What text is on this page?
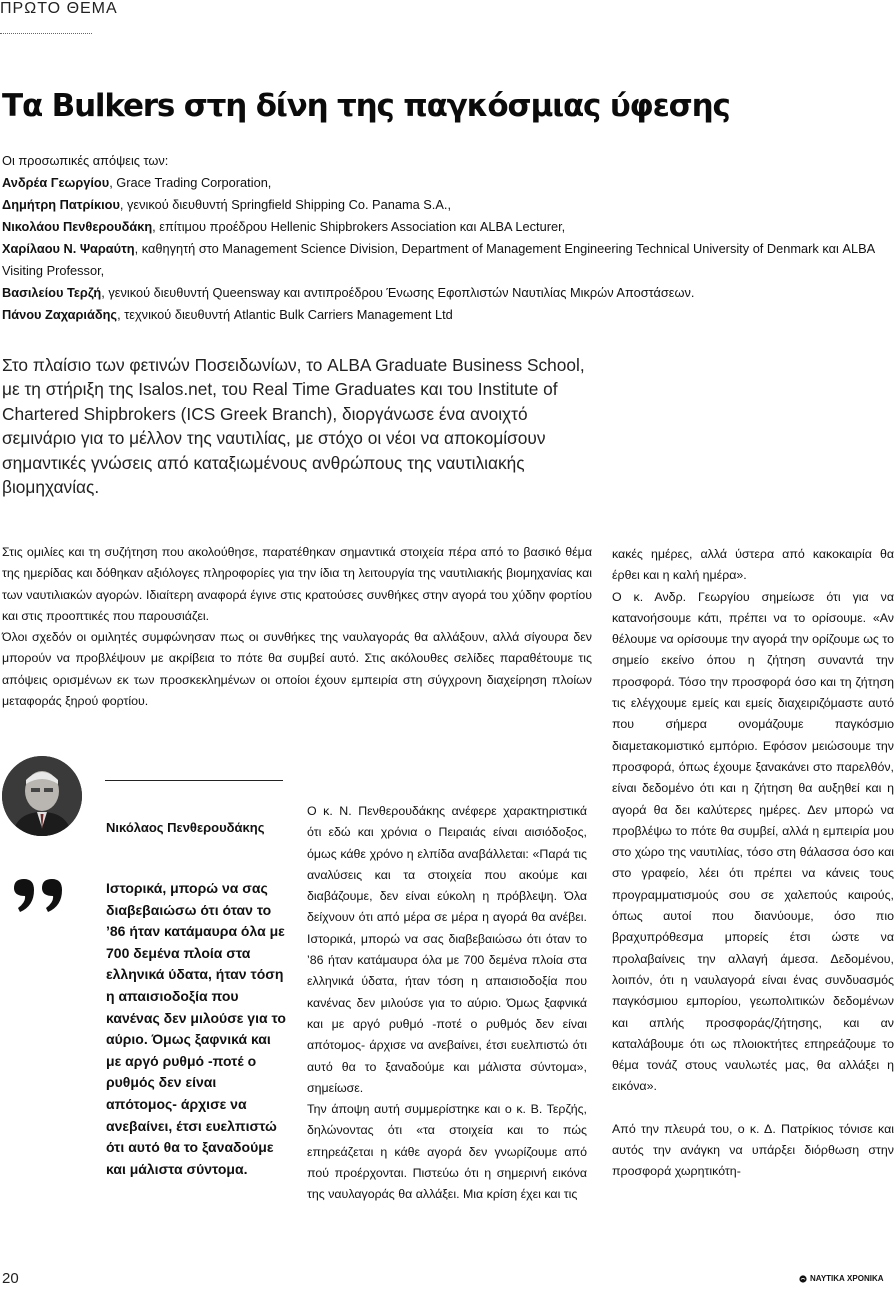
ΠΡΩΤΟ ΘΕΜΑ
Τα Bulkers στη δίνη της παγκόσμιας ύφεσης
Οι προσωπικές απόψεις των:
Ανδρέα Γεωργίου, Grace Trading Corporation,
Δημήτρη Πατρίκιου, γενικού διευθυντή Springfield Shipping Co. Panama S.A.,
Νικολάου Πενθερουδάκη, επίτιμου προέδρου Hellenic Shipbrokers Association και ALBA Lecturer,
Χαρίλαου Ν. Ψαραύτη, καθηγητή στο Management Science Division, Department of Management Engineering Technical University of Denmark και ALBA Visiting Professor,
Βασιλείου Τερζή, γενικού διευθυντή Queensway και αντιπροέδρου Ένωσης Εφοπλιστών Ναυτιλίας Μικρών Αποστάσεων.
Πάνου Ζαχαριάδης, τεχνικού διευθυντή Atlantic Bulk Carriers Management Ltd
Στο πλαίσιο των φετινών Ποσειδωνίων, το ALBA Graduate Business School, με τη στήριξη της Isalos.net, του Real Time Graduates και του Institute of Chartered Shipbrokers (ICS Greek Branch), διοργάνωσε ένα ανοιχτό σεμινάριο για το μέλλον της ναυτιλίας, με στόχο οι νέοι να αποκομίσουν σημαντικές γνώσεις από καταξιωμένους ανθρώπους της ναυτιλιακής βιομηχανίας.

Στις ομιλίες και τη συζήτηση που ακολούθησε, παρατέθηκαν σημαντικά στοιχεία πέρα από το βασικό θέμα της ημερίδας και δόθηκαν αξιόλογες πληροφορίες για την ίδια τη λειτουργία της ναυτιλιακής βιομηχανίας και των ναυτιλιακών αγορών. Ιδιαίτερη αναφορά έγινε στις κρατούσες συνθήκες στην αγορά του χύδην φορτίου και στις προοπτικές που παρουσιάζει.

Όλοι σχεδόν οι ομιλητές συμφώνησαν πως οι συνθήκες της ναυλαγοράς θα αλλάξουν, αλλά σίγουρα δεν μπορούν να προβλέψουν με ακρίβεια το πότε θα συμβεί αυτό. Στις ακόλουθες σελίδες παραθέτουμε τις απόψεις ορισμένων εκ των προσκεκλημένων οι οποίοι έχουν εμπειρία στη σύγχρονη διαχείρηση πλοίων μεταφοράς ξηρού φορτίου.

Νικόλαος Πενθερουδάκης
Ιστορικά, μπορώ να σας διαβεβαιώσω ότι όταν το ’86 ήταν κατάμαυρα όλα με 700 δεμένα πλοία στα ελληνικά ύδατα, ήταν τόση η απαισιοδοξία που κανένας δεν μιλούσε για το αύριο. Όμως ξαφνικά και με αργό ρυθμό -ποτέ ο ρυθμός δεν είναι απότομος- άρχισε να ανεβαίνει, έτσι ευελπιστώ ότι αυτό θα το ξαναδούμε και μάλιστα σύντομα.

Ο κ. Ν. Πενθερουδάκης ανέφερε χαρακτηριστικά ότι εδώ και χρόνια ο Πειραιάς είναι αισιόδοξος, όμως κάθε χρόνο η ελπίδα αναβάλλεται: «Παρά τις αναλύσεις και τα στοιχεία που ακούμε και διαβάζουμε, δεν είναι εύκολη η πρόβλεψη. Όλα δείχνουν ότι από μέρα σε μέρα η αγορά θα ανέβει. Ιστορικά, μπορώ να σας διαβεβαιώσω ότι όταν το ’86 ήταν κατάμαυρα όλα με 700 δεμένα πλοία στα ελληνικά ύδατα, ήταν τόση η απαισιοδοξία που κανένας δεν μιλούσε για το αύριο. Όμως ξαφνικά και με αργό ρυθμό -ποτέ ο ρυθμός δεν είναι απότομος- άρχισε να ανεβαίνει, έτσι ευελπιστώ ότι αυτό θα το ξαναδούμε και μάλιστα σύντομα», σημείωσε.

Την άποψη αυτή συμμερίστηκε και ο κ. Β. Τερζής, δηλώνοντας ότι «τα στοιχεία και το πώς επηρεάζεται η κάθε αγορά δεν γνωρίζουμε από πού προέρχονται. Πιστεύω ότι η σημερινή εικόνα της ναυλαγοράς θα αλλάξει. Μια κρίση έχει και τις

κακές ημέρες, αλλά ύστερα από κακοκαιρία θα έρθει και η καλή ημέρα».

Ο κ. Ανδρ. Γεωργίου σημείωσε ότι για να κατανοήσουμε κάτι, πρέπει να το ορίσουμε. «Αν θέλουμε να ορίσουμε την αγορά την ορίζουμε ως το σημείο εκείνο όπου η ζήτηση συναντά την προσφορά. Τόσο την προσφορά όσο και τη ζήτηση τις ελέγχουμε εμείς και εμείς διαχειριζόμαστε αυτό που σήμερα ονομάζουμε παγκόσμιο διαμετακομιστικό εμπόριο. Εφόσον μειώσουμε την προσφορά, όπως έχουμε ξανακάνει στο παρελθόν, είναι δεδομένο ότι και η ζήτηση θα αυξηθεί και η αγορά θα δει καλύτερες ημέρες. Δεν μπορώ να προβλέψω το πότε θα συμβεί, αλλά η εμπειρία μου στο χώρο της ναυτιλίας, τόσο στη θάλασσα όσο και στο γραφείο, λέει ότι πρέπει να κάνεις τους προγραμματισμούς σου σε χαλεπούς καιρούς, όπως αυτοί που διανύουμε, όσο πιο βραχυπρόθεσμα μπορείς έτσι ώστε να προλαβαίνεις την αλλαγή άμεσα. Δεδομένου, λοιπόν, ότι η ναυλαγορά είναι ένας συνδυασμός παγκόσμιου εμπορίου, γεωπολιτικών δεδομένων και απλής προσφοράς/ζήτησης, και αν καταλάβουμε ότι ως πλοιοκτήτες επηρεάζουμε το θέμα τονάζ στους ναυλωτές μας, θα αλλάξει η εικόνα».

Από την πλευρά του, ο κ. Δ. Πατρίκιος τόνισε και αυτός την ανάγκη να υπάρξει διόρθωση στην προσφορά χωρητικότη-

20	ΝΑΥΤΙΚΑ ΧΡΟΝΙΚΑ
